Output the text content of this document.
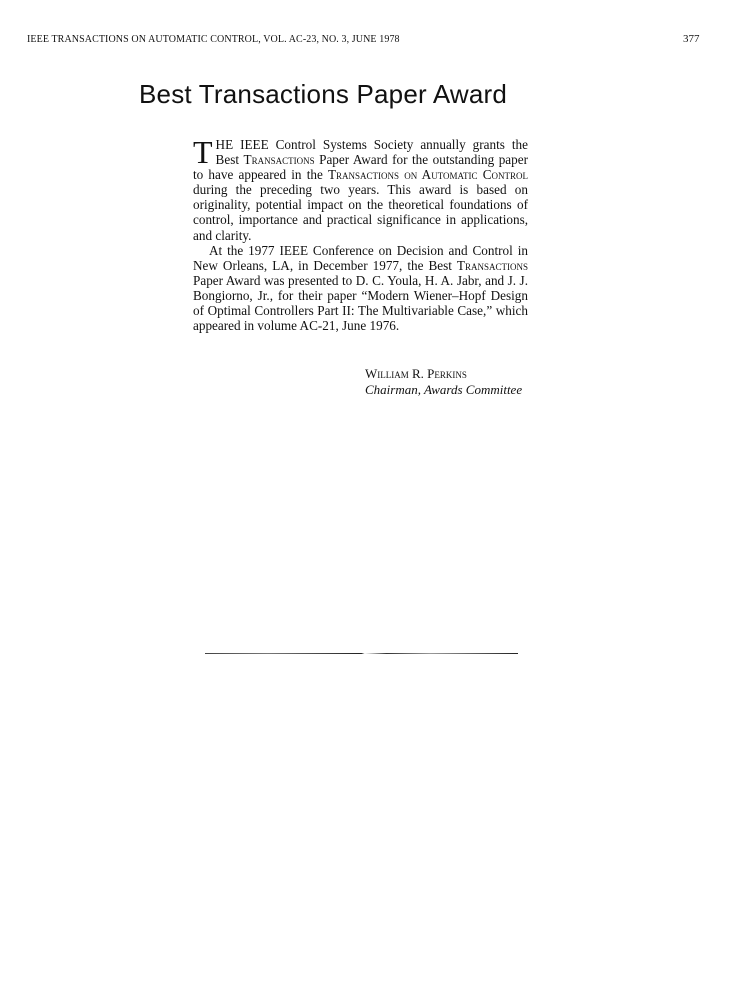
IEEE TRANSACTIONS ON AUTOMATIC CONTROL, VOL. AC-23, NO. 3, JUNE 1978	377
Best Transactions Paper Award

THE IEEE Control Systems Society annually grants the Best Transactions Paper Award for the outstanding paper to have appeared in the Transactions on Automatic Control during the preceding two years. This award is based on originality, potential impact on the theoretical foundations of control, importance and practical significance in applications, and clarity.

At the 1977 IEEE Conference on Decision and Control in New Orleans, LA, in December 1977, the Best Transactions Paper Award was presented to D. C. Youla, H. A. Jabr, and J. J. Bongiorno, Jr., for their paper “Modern Wiener–Hopf Design of Optimal Controllers Part II: The Multivariable Case,” which appeared in volume AC-21, June 1976.

William R. Perkins
Chairman, Awards Committee
